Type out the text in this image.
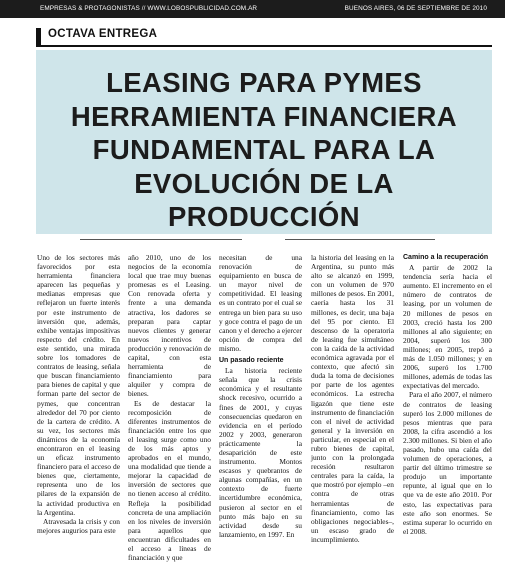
EMPRESAS & PROTAGONISTAS // WWW.LOBOSPUBLICIDAD.COM.AR	BUENOS AIRES, 06 DE SEPTIEMBRE DE 2010
OCTAVA ENTREGA
LEASING PARA PYMES
HERRAMIENTA FINANCIERA
FUNDAMENTAL PARA LA
EVOLUCIÓN DE LA PRODUCCIÓN

Uno de los sectores más favorecidos por esta herramienta financiera aparecen las pequeñas y medianas empresas que reflejaron un fuerte interés por este instrumento de inversión que, además, exhibe ventajas impositivas respecto del crédito. En este sentido, una mirada sobre los tomadores de contratos de leasing, señala que buscan financiamiento para bienes de capital y que forman parte del sector de pymes, que concentran alrededor del 70 por ciento de la cartera de crédito. A su vez, los sectores más dinámicos de la economía encontraron en el leasing un eficaz instrumento financiero para el acceso de bienes que, ciertamente, representa uno de los pilares de la expansión de la actividad productiva en la Argentina.

Atravesada la crisis y con mejores augurios para este

año 2010, uno de los negocios de la economía local que trae muy buenas promesas es el Leasing. Con renovada oferta y frente a una demanda atractiva, los dadores se preparan para captar nuevos clientes y generar nuevos incentivos de producción y renovación de capital, con esta herramienta de financiamiento para alquiler y compra de bienes.

Es de destacar la recomposición de diferentes instrumentos de financiación entre los que el leasing surge como uno de los más aptos y aprobados en el mundo, una modalidad que tiende a mejorar la capacidad de inversión de sectores que no tienen acceso al crédito. Refleja la posibilidad concreta de una ampliación en los niveles de inversión para aquellos que encuentran dificultades en el acceso a líneas de financiación y que

necesitan de una renovación de equipamiento en busca de un mayor nivel de competitividad. El leasing es un contrato por el cual se entrega un bien para su uso y goce contra el pago de un canon y el derecho a ejercer opción de compra del mismo.

Un pasado reciente

La historia reciente señala que la crisis económica y el resultante shock recesivo, ocurrido a fines de 2001, y cuyas consecuencias quedaron en evidencia en el período 2002 y 2003, generaron prácticamente la desaparición de este instrumento. Montos escasos y quebrantos de algunas compañías, en un contexto de fuerte incertidumbre económica, pusieron al sector en el punto más bajo en su actividad desde su lanzamiento, en 1997. En

la historia del leasing en la Argentina, su punto más alto se alcanzó en 1999, con un volumen de 970 millones de pesos. En 2001, caería hasta los 31 millones, es decir, una baja del 95 por ciento. El descenso de la operatoria de leasing fue simultáneo con la caída de la actividad económica agravada por el contexto, que afectó sin duda la toma de decisiones por parte de los agentes económicos. La estrecha ligazón que tiene este instrumento de financiación con el nivel de actividad general y la inversión en particular, en especial en el rubro bienes de capital, junto con la prolongada recesión resultaron centrales para la caída, la que mostró por ejemplo –en contra de otras herramientas de financiamiento, como las obligaciones negociables–, un escaso grado de incumplimiento.

Camino a la recuperación

A partir de 2002 la tendencia sería hacia el aumento. El incremento en el número de contratos de leasing, por un volumen de 20 millones de pesos en 2003, creció hasta los 200 millones al año siguiente; en 2004, superó los 300 millones; en 2005, trepó a más de 1.050 millones; y en 2006, superó los 1.700 millones, además de todas las expectativas del mercado.

Para el año 2007, el número de contratos de leasing superó los 2.000 millones de pesos mientras que para 2008, la cifra ascendió a los 2.300 millones. Si bien el año pasado, hubo una caída del volumen de operaciones, a partir del último trimestre se produjo un importante repunte, al igual que en lo que va de este año 2010. Por esto, las expectativas para este año son enormes. Se estima superar lo ocurrido en el 2008.
